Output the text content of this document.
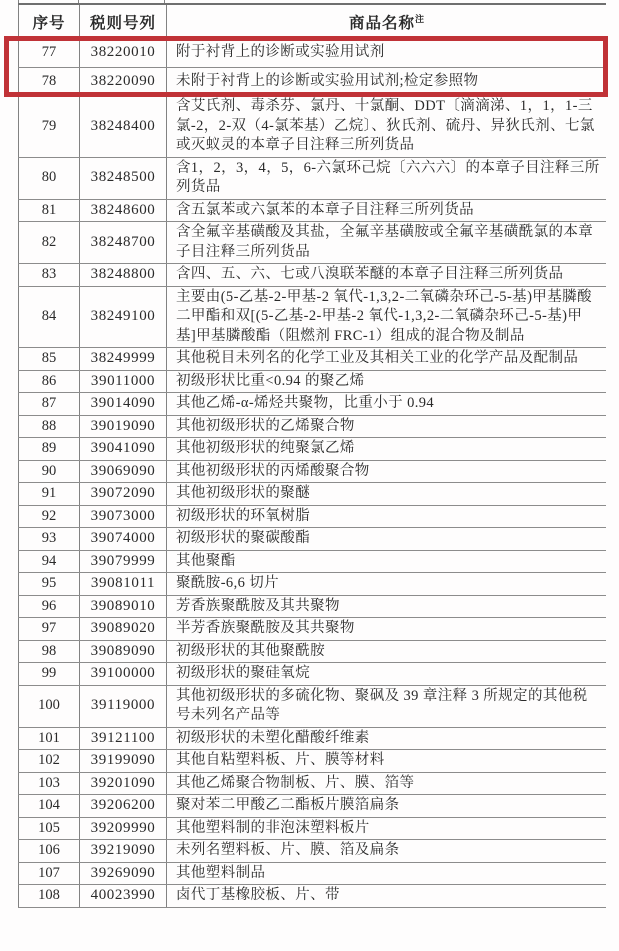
序号	税则号列	商品名称$^注$
77	38220010	附于衬背上的诊断或实验用试剂
78	38220090	未附于衬背上的诊断或实验用试剂;检定参照物
79	38248400	含艾氏剂、毒杀芬、氯丹、十氯酮、DDT〔滴滴涕、1，1，1-三氯-2，2-双（4-氯苯基）乙烷〕、狄氏剂、硫丹、异狄氏剂、七氯或灭蚁灵的本章子目注释三所列货品
80	38248500	含1，2，3，4，5，6-六氯环己烷〔六六六〕的本章子目注释三所列货品
81	38248600	含五氯苯或六氯苯的本章子目注释三所列货品
82	38248700	含全氟辛基磺酸及其盐，全氟辛基磺胺或全氟辛基磺酰氯的本章子目注释三所列货品
83	38248800	含四、五、六、七或八溴联苯醚的本章子目注释三所列货品
84	38249100	主要由(5-乙基-2-甲基-2 氧代-1,3,2-二氧磷杂环己-5-基)甲基膦酸二甲酯和双[(5-乙基-2-甲基-2 氧代-1,3,2-二氧磷杂环己-5-基)甲基]甲基膦酸酯（阻燃剂 FRC-1）组成的混合物及制品
85	38249999	其他税目未列名的化学工业及其相关工业的化学产品及配制品
86	39011000	初级形状比重<0.94 的聚乙烯
87	39014090	其他乙烯-α-烯烃共聚物，比重小于 0.94
88	39019090	其他初级形状的乙烯聚合物
89	39041090	其他初级形状的纯聚氯乙烯
90	39069090	其他初级形状的丙烯酸聚合物
91	39072090	其他初级形状的聚醚
92	39073000	初级形状的环氧树脂
93	39074000	初级形状的聚碳酸酯
94	39079999	其他聚酯
95	39081011	聚酰胺-6,6 切片
96	39089010	芳香族聚酰胺及其共聚物
97	39089020	半芳香族聚酰胺及其共聚物
98	39089090	初级形状的其他聚酰胺
99	39100000	初级形状的聚硅氧烷
100	39119000	其他初级形状的多硫化物、聚砜及 39 章注释 3 所规定的其他税号未列名产品等
101	39121100	初级形状的未塑化醋酸纤维素
102	39199090	其他自粘塑料板、片、膜等材料
103	39201090	其他乙烯聚合物制板、片、膜、箔等
104	39206200	聚对苯二甲酸乙二酯板片膜箔扁条
105	39209990	其他塑料制的非泡沫塑料板片
106	39219090	未列名塑料板、片、膜、箔及扁条
107	39269090	其他塑料制品
108	40023990	卤代丁基橡胶板、片、带
